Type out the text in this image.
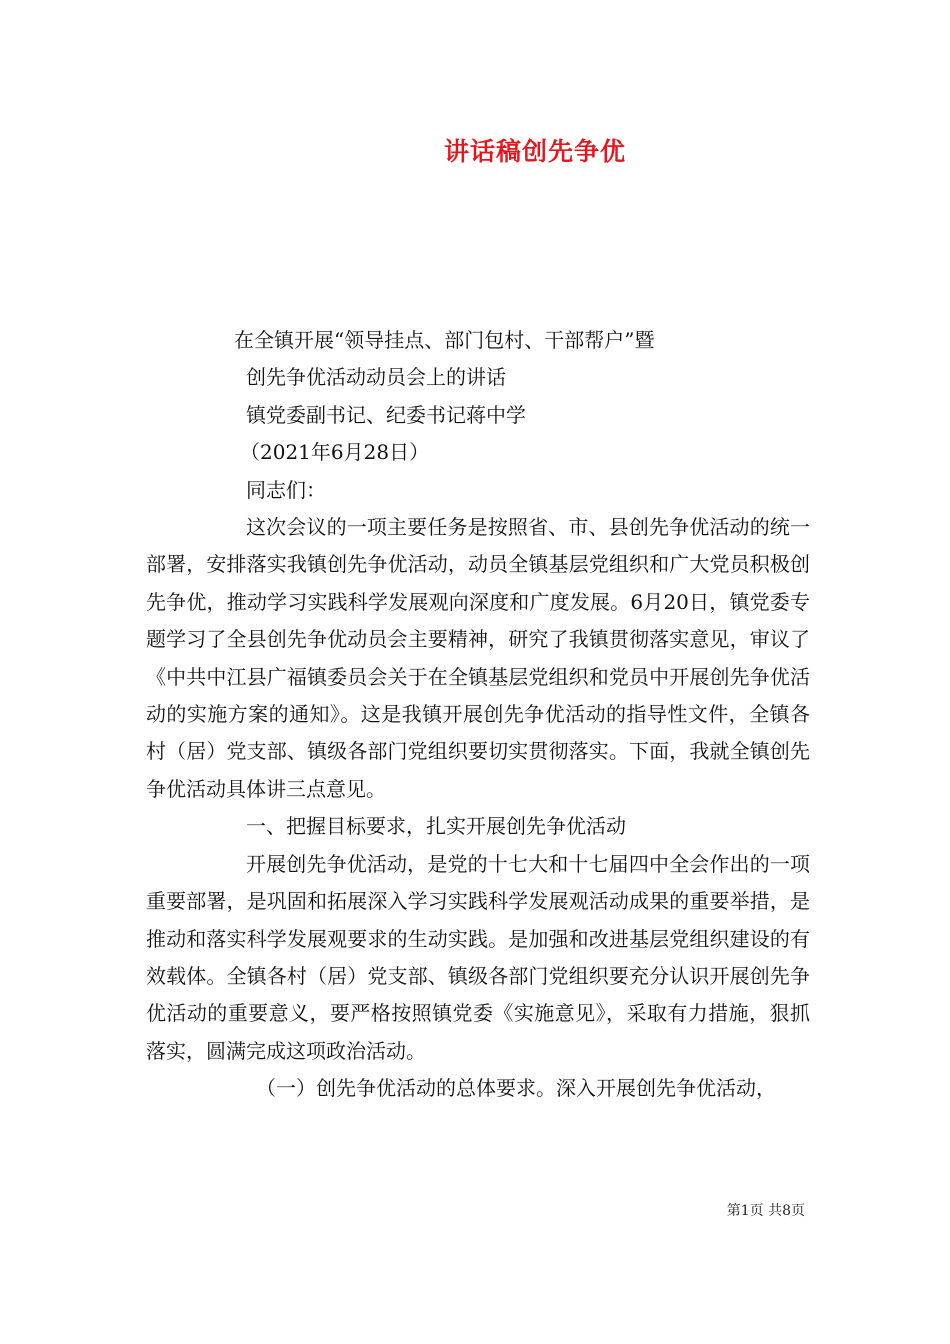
讲话稿创先争优
在全镇开展“领导挂点、部门包村、干部帮户”暨
创先争优活动动员会上的讲话
镇党委副书记、纪委书记蒋中学
（2021年6月28日）
同志们：

这次会议的一项主要任务是按照省、市、县创先争优活动的统一部署，安排落实我镇创先争优活动，动员全镇基层党组织和广大党员积极创先争优，推动学习实践科学发展观向深度和广度发展。6月20日，镇党委专题学习了全县创先争优动员会主要精神，研究了我镇贯彻落实意见，审议了《中共中江县广福镇委员会关于在全镇基层党组织和党员中开展创先争优活动的实施方案的通知》。这是我镇开展创先争优活动的指导性文件，全镇各村（居）党支部、镇级各部门党组织要切实贯彻落实。下面，我就全镇创先争优活动具体讲三点意见。

一、把握目标要求，扎实开展创先争优活动

开展创先争优活动，是党的十七大和十七届四中全会作出的一项重要部署，是巩固和拓展深入学习实践科学发展观活动成果的重要举措，是推动和落实科学发展观要求的生动实践。是加强和改进基层党组织建设的有效载体。全镇各村（居）党支部、镇级各部门党组织要充分认识开展创先争优活动的重要意义，要严格按照镇党委《实施意见》，采取有力措施，狠抓落实，圆满完成这项政治活动。

（一）创先争优活动的总体要求。深入开展创先争优活动，

第1页 共8页
